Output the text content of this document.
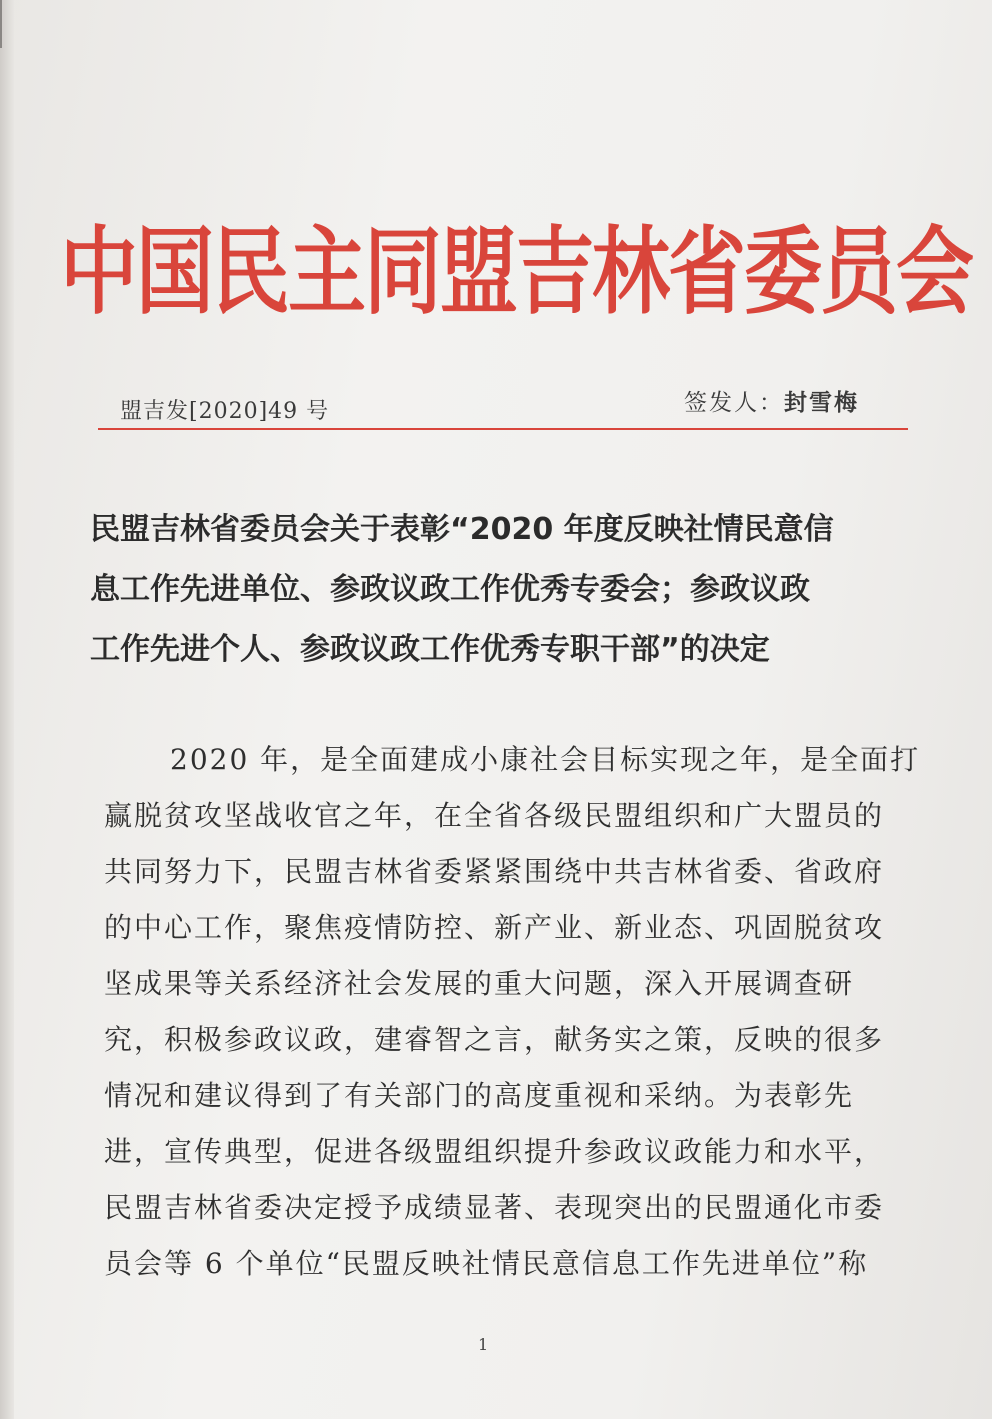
中国民主同盟吉林省委员会
盟吉发[2020]49 号	签发人：封雪梅
民盟吉林省委员会关于表彰“2020 年度反映社情民意信
息工作先进单位、参政议政工作优秀专委会；参政议政
工作先进个人、参政议政工作优秀专职干部”的决定
2020 年，是全面建成小康社会目标实现之年，是全面打
赢脱贫攻坚战收官之年，在全省各级民盟组织和广大盟员的
共同努力下，民盟吉林省委紧紧围绕中共吉林省委、省政府
的中心工作，聚焦疫情防控、新产业、新业态、巩固脱贫攻
坚成果等关系经济社会发展的重大问题，深入开展调查研
究，积极参政议政，建睿智之言，献务实之策，反映的很多
情况和建议得到了有关部门的高度重视和采纳。为表彰先
进，宣传典型，促进各级盟组织提升参政议政能力和水平，
民盟吉林省委决定授予成绩显著、表现突出的民盟通化市委
员会等 6 个单位“民盟反映社情民意信息工作先进单位”称
1
